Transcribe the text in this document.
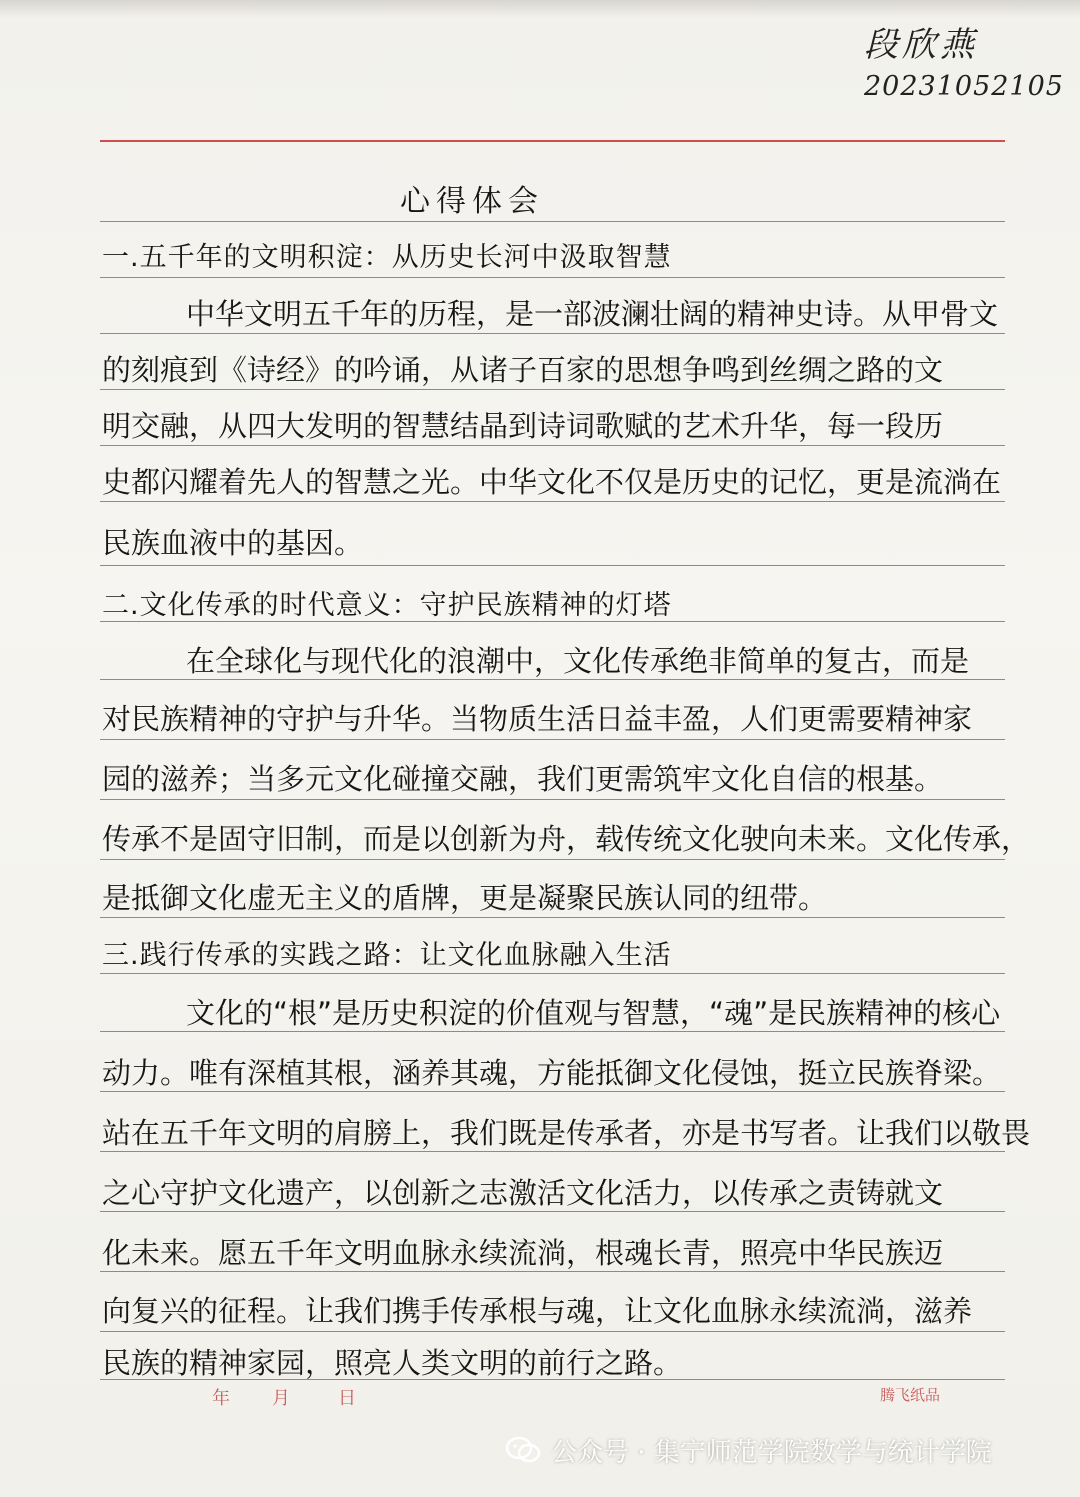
段欣燕
20231052105
心得体会
一.五千年的文明积淀：从历史长河中汲取智慧
中华文明五千年的历程，是一部波澜壮阔的精神史诗。从甲骨文
的刻痕到《诗经》的吟诵，从诸子百家的思想争鸣到丝绸之路的文
明交融，从四大发明的智慧结晶到诗词歌赋的艺术升华，每一段历
史都闪耀着先人的智慧之光。中华文化不仅是历史的记忆，更是流淌在
民族血液中的基因。
二.文化传承的时代意义：守护民族精神的灯塔
在全球化与现代化的浪潮中，文化传承绝非简单的复古，而是
对民族精神的守护与升华。当物质生活日益丰盈，人们更需要精神家
园的滋养；当多元文化碰撞交融，我们更需筑牢文化自信的根基。
传承不是固守旧制，而是以创新为舟，载传统文化驶向未来。文化传承，
是抵御文化虚无主义的盾牌，更是凝聚民族认同的纽带。
三.践行传承的实践之路：让文化血脉融入生活
文化的“根”是历史积淀的价值观与智慧，“魂”是民族精神的核心
动力。唯有深植其根，涵养其魂，方能抵御文化侵蚀，挺立民族脊梁。
站在五千年文明的肩膀上，我们既是传承者，亦是书写者。让我们以敬畏
之心守护文化遗产，以创新之志激活文化活力，以传承之责铸就文
化未来。愿五千年文明血脉永续流淌，根魂长青，照亮中华民族迈
向复兴的征程。让我们携手传承根与魂，让文化血脉永续流淌，滋养
民族的精神家园，照亮人类文明的前行之路。
年 月	日	腾飞纸品
公众号 · 集宁师范学院数学与统计学院
